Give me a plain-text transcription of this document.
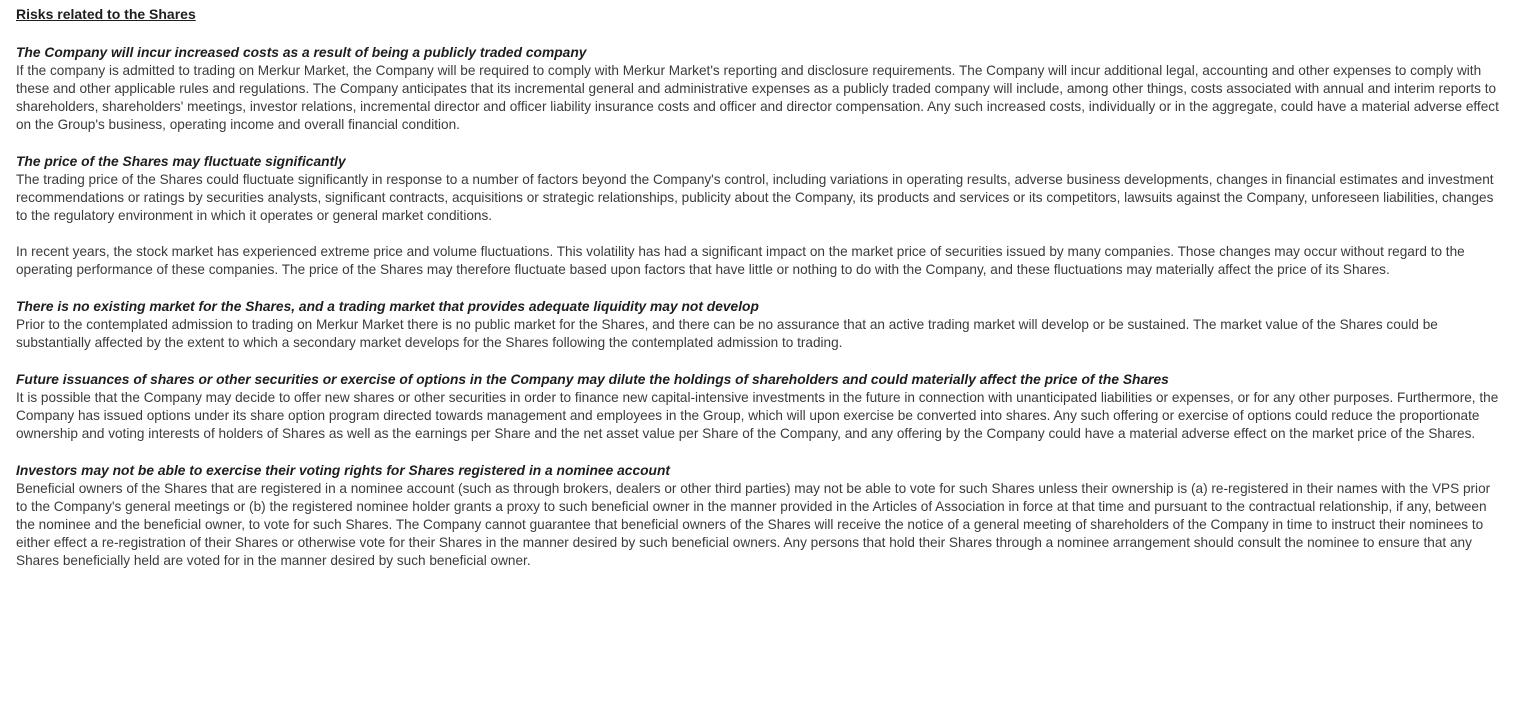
Risks related to the Shares
The Company will incur increased costs as a result of being a publicly traded company

If the company is admitted to trading on Merkur Market, the Company will be required to comply with Merkur Market's reporting and disclosure requirements. The Company will incur additional legal, accounting and other expenses to comply with these and other applicable rules and regulations. The Company anticipates that its incremental general and administrative expenses as a publicly traded company will include, among other things, costs associated with annual and interim reports to shareholders, shareholders' meetings, investor relations, incremental director and officer liability insurance costs and officer and director compensation. Any such increased costs, individually or in the aggregate, could have a material adverse effect on the Group's business, operating income and overall financial condition.

The price of the Shares may fluctuate significantly

The trading price of the Shares could fluctuate significantly in response to a number of factors beyond the Company's control, including variations in operating results, adverse business developments, changes in financial estimates and investment recommendations or ratings by securities analysts, significant contracts, acquisitions or strategic relationships, publicity about the Company, its products and services or its competitors, lawsuits against the Company, unforeseen liabilities, changes to the regulatory environment in which it operates or general market conditions.

In recent years, the stock market has experienced extreme price and volume fluctuations. This volatility has had a significant impact on the market price of securities issued by many companies. Those changes may occur without regard to the operating performance of these companies. The price of the Shares may therefore fluctuate based upon factors that have little or nothing to do with the Company, and these fluctuations may materially affect the price of its Shares.

There is no existing market for the Shares, and a trading market that provides adequate liquidity may not develop

Prior to the contemplated admission to trading on Merkur Market there is no public market for the Shares, and there can be no assurance that an active trading market will develop or be sustained. The market value of the Shares could be substantially affected by the extent to which a secondary market develops for the Shares following the contemplated admission to trading.

Future issuances of shares or other securities or exercise of options in the Company may dilute the holdings of shareholders and could materially affect the price of the Shares

It is possible that the Company may decide to offer new shares or other securities in order to finance new capital-intensive investments in the future in connection with unanticipated liabilities or expenses, or for any other purposes. Furthermore, the Company has issued options under its share option program directed towards management and employees in the Group, which will upon exercise be converted into shares. Any such offering or exercise of options could reduce the proportionate ownership and voting interests of holders of Shares as well as the earnings per Share and the net asset value per Share of the Company, and any offering by the Company could have a material adverse effect on the market price of the Shares.

Investors may not be able to exercise their voting rights for Shares registered in a nominee account

Beneficial owners of the Shares that are registered in a nominee account (such as through brokers, dealers or other third parties) may not be able to vote for such Shares unless their ownership is (a) re-registered in their names with the VPS prior to the Company's general meetings or (b) the registered nominee holder grants a proxy to such beneficial owner in the manner provided in the Articles of Association in force at that time and pursuant to the contractual relationship, if any, between the nominee and the beneficial owner, to vote for such Shares. The Company cannot guarantee that beneficial owners of the Shares will receive the notice of a general meeting of shareholders of the Company in time to instruct their nominees to either effect a re-registration of their Shares or otherwise vote for their Shares in the manner desired by such beneficial owners. Any persons that hold their Shares through a nominee arrangement should consult the nominee to ensure that any Shares beneficially held are voted for in the manner desired by such beneficial owner.
